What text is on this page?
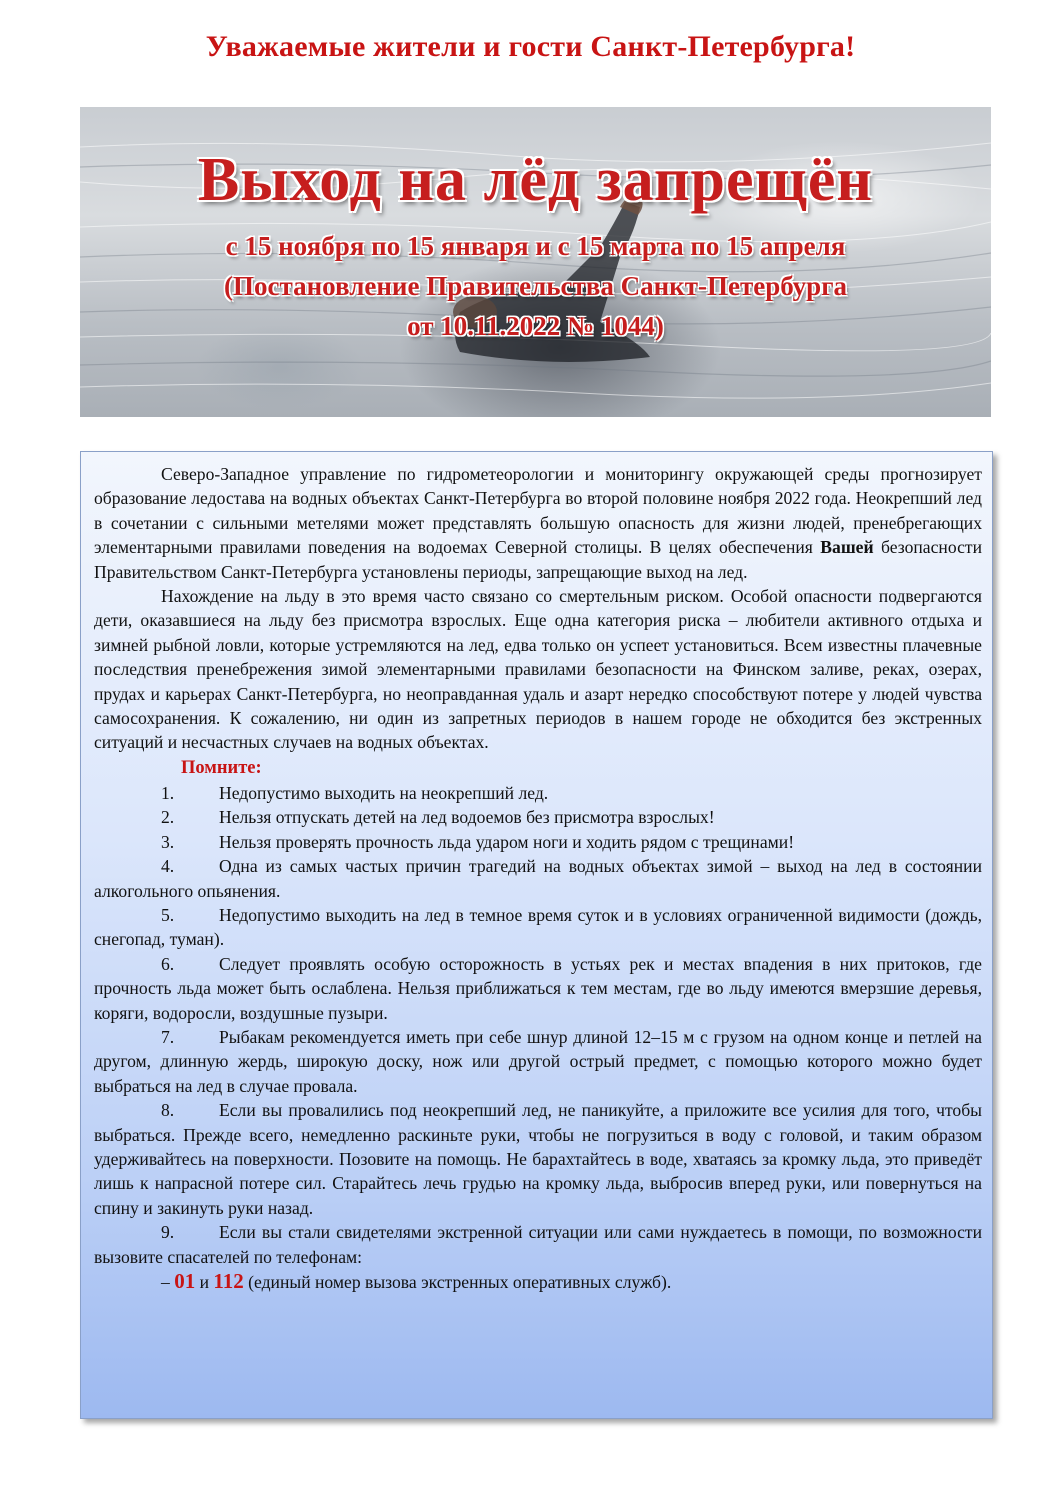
Уважаемые жители и гости Санкт-Петербурга!
Выход на лёд запрещён
с 15 ноября по 15 января и с 15 марта по 15 апреля
(Постановление Правительства Санкт-Петербурга
от 10.11.2022 № 1044)

Северо-Западное управление по гидрометеорологии и мониторингу окружающей среды прогнозирует образование ледостава на водных объектах Санкт-Петербурга во второй половине ноября 2022 года. Неокрепший лед в сочетании с сильными метелями может представлять большую опасность для жизни людей, пренебрегающих элементарными правилами поведения на водоемах Северной столицы. В целях обеспечения Вашей безопасности Правительством Санкт-Петербурга установлены периоды, запрещающие выход на лед.

Нахождение на льду в это время часто связано со смертельным риском. Особой опасности подвергаются дети, оказавшиеся на льду без присмотра взрослых. Еще одна категория риска – любители активного отдыха и зимней рыбной ловли, которые устремляются на лед, едва только он успеет установиться. Всем известны плачевные последствия пренебрежения зимой элементарными правилами безопасности на Финском заливе, реках, озерах, прудах и карьерах Санкт-Петербурга, но неоправданная удаль и азарт нередко способствуют потере у людей чувства самосохранения. К сожалению, ни один из запретных периодов в нашем городе не обходится без экстренных ситуаций и несчастных случаев на водных объектах.

Помните:

1.	Недопустимо выходить на неокрепший лед.

2.	Нельзя отпускать детей на лед водоемов без присмотра взрослых!

3.	Нельзя проверять прочность льда ударом ноги и ходить рядом с трещинами!

4.	Одна из самых частых причин трагедий на водных объектах зимой – выход на лед в состоянии алкогольного опьянения.

5.	Недопустимо выходить на лед в темное время суток и в условиях ограниченной видимости (дождь, снегопад, туман).

6.	Следует проявлять особую осторожность в устьях рек и местах впадения в них притоков, где прочность льда может быть ослаблена. Нельзя приближаться к тем местам, где во льду имеются вмерзшие деревья, коряги, водоросли, воздушные пузыри.

7.	Рыбакам рекомендуется иметь при себе шнур длиной 12–15 м с грузом на одном конце и петлей на другом, длинную жердь, широкую доску, нож или другой острый предмет, с помощью которого можно будет выбраться на лед в случае провала.

8.	Если вы провалились под неокрепший лед, не паникуйте, а приложите все усилия для того, чтобы выбраться. Прежде всего, немедленно раскиньте руки, чтобы не погрузиться в воду с головой, и таким образом удерживайтесь на поверхности. Позовите на помощь. Не барахтайтесь в воде, хватаясь за кромку льда, это приведёт лишь к напрасной потере сил. Старайтесь лечь грудью на кромку льда, выбросив вперед руки, или повернуться на спину и закинуть руки назад.

9.	Если вы стали свидетелями экстренной ситуации или сами нуждаетесь в помощи, по возможности вызовите спасателей по телефонам:

– 01 и 112 (единый номер вызова экстренных оперативных служб).
